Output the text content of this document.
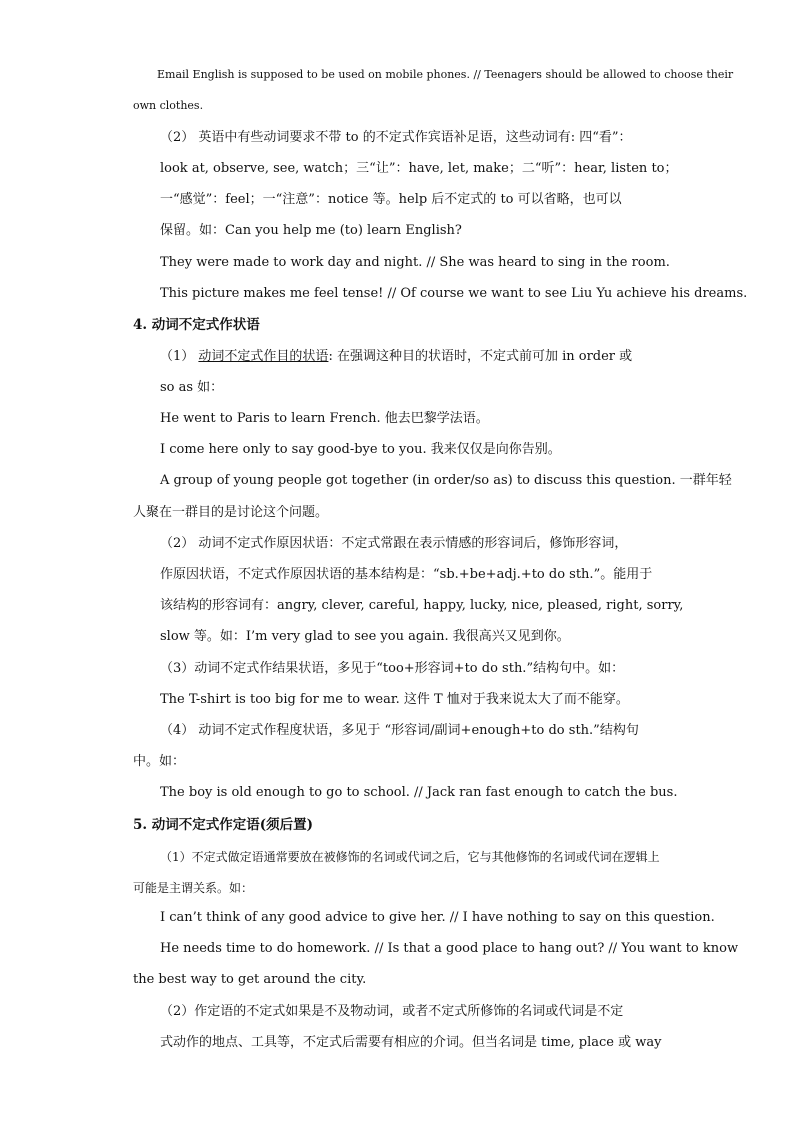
Email English is supposed to be used on mobile phones. // Teenagers should be allowed to choose their
own clothes.
（2） 英语中有些动词要求不带 to 的不定式作宾语补足语，这些动词有: 四“看”：
look at, observe, see, watch；三“让”：have, let, make；二“听”：hear, listen to；
一“感觉”：feel；一“注意”：notice 等。help 后不定式的 to 可以省略，也可以
保留。如：Can you help me (to) learn English?
They were made to work day and night. // She was heard to sing in the room.
This picture makes me feel tense! // Of course we want to see Liu Yu achieve his dreams.
4. 动词不定式作状语
（1） 动词不定式作目的状语: 在强调这种目的状语时，不定式前可加 in order 或
so as 如：
He went to Paris to learn French. 他去巴黎学法语。
I come here only to say good-bye to you. 我来仅仅是向你告别。
A group of young people got together (in order/so as) to discuss this question. 一群年轻
人聚在一群目的是讨论这个问题。
（2） 动词不定式作原因状语：不定式常跟在表示情感的形容词后，修饰形容词，
作原因状语，不定式作原因状语的基本结构是：“sb.+be+adj.+to do sth.”。能用于
该结构的形容词有：angry, clever, careful, happy, lucky, nice, pleased, right, sorry,
slow 等。如：I’m very glad to see you again. 我很高兴又见到你。
（3）动词不定式作结果状语，多见于“too+形容词+to do sth.”结构句中。如：
The T-shirt is too big for me to wear. 这件 T 恤对于我来说太大了而不能穿。
（4） 动词不定式作程度状语，多见于 “形容词/副词+enough+to do sth.”结构句
中。如：
The boy is old enough to go to school. // Jack ran fast enough to catch the bus.
5. 动词不定式作定语(须后置)
（1）不定式做定语通常要放在被修饰的名词或代词之后，它与其他修饰的名词或代词在逻辑上
可能是主谓关系。如：
I can’t think of any good advice to give her. // I have nothing to say on this question.
He needs time to do homework. // Is that a good place to hang out? // You want to know
the best way to get around the city.
（2）作定语的不定式如果是不及物动词，或者不定式所修饰的名词或代词是不定
式动作的地点、工具等，不定式后需要有相应的介词。但当名词是 time, place 或 way
